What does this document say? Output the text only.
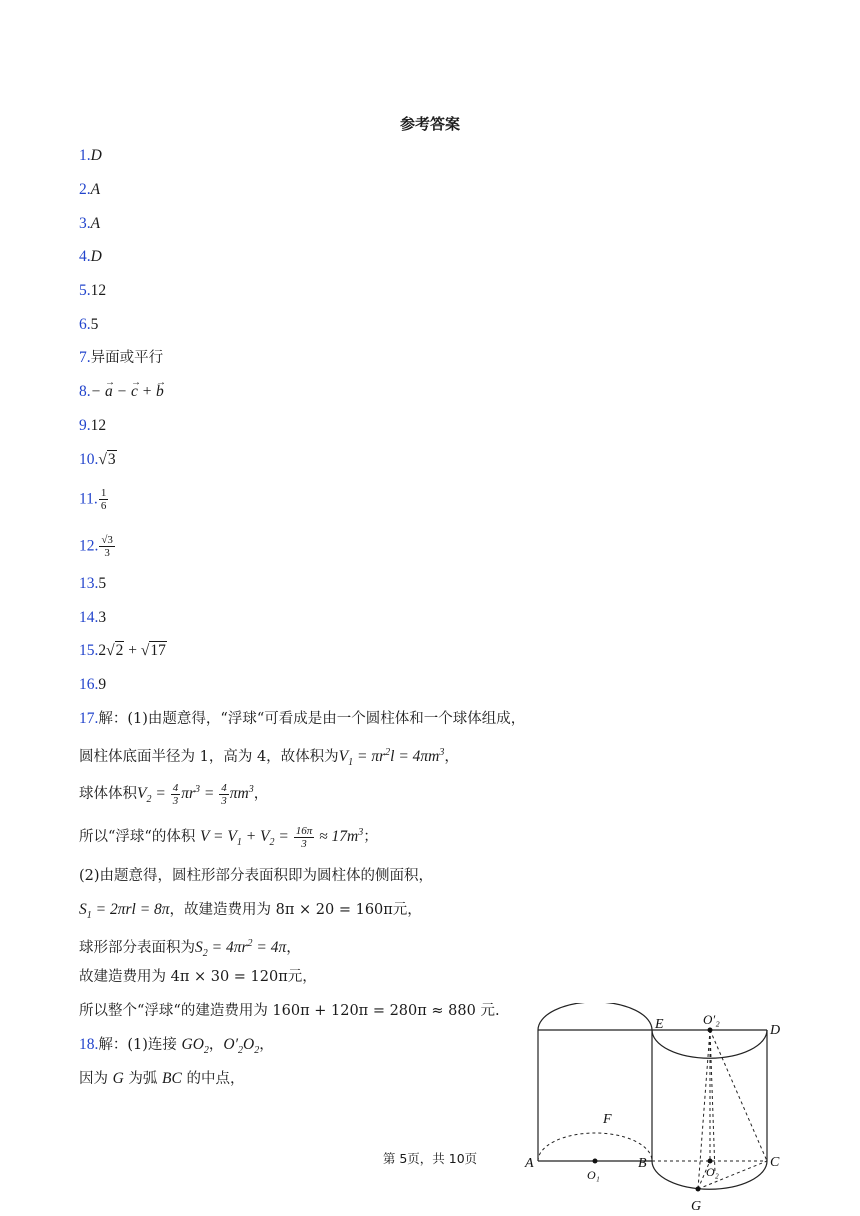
参考答案
1.D
2.A
3.A
4.D
5.12
6.5
7.异面或平行
8.− → a − → c + → b
9.12
10.√3
11. $\frac{1}{6}$
12. $\frac{√3}{3}$
13.5
14.3
15.2√2 + √17
16.9
17.解：(1)由题意得，“浮球“可看成是由一个圆柱体和一个球体组成，
圆柱体底面半径为 1，高为 4，故体积为$V_1 = \pi r^2l = 4\pi m^3$，
球体体积$V_2 = \frac{4}{3} \pi r^3 = \frac{4}{3} \pi m^3$，
所以“浮球“的体积 $V = V_1 + V_2 = \frac{16\pi}{3} \approx 17m^3$；
(2)由题意得，圆柱形部分表面积即为圆柱体的侧面积，
$S_1 = 2\pi rl = 8\pi$，故建造费用为 8π × 20 = 160π元，
球形部分表面积为$S_2 = 4\pi r^2 = 4\pi$，
故建造费用为 4π × 30 = 120π元，
所以整个“浮球“的建造费用为 160π + 120π = 280π ≈ 880 元.
18.解：(1)连接 $GO_2$，$O'_2O_2$，
因为 G 为弧 BC 的中点，
A	B	C
D
E
F
G
O₁	O₂
O′₂
第 5页，共 10页
